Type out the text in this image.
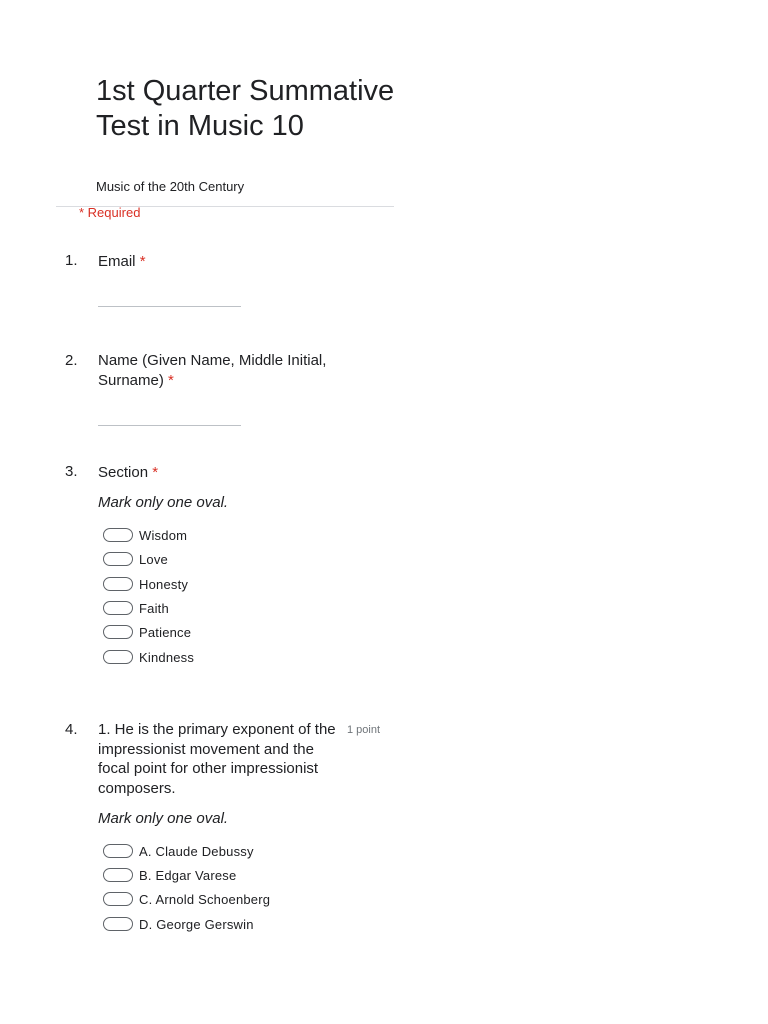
1st Quarter Summative Test in Music 10
Music of the 20th Century
* Required
1. Email *
2. Name (Given Name, Middle Initial, Surname) *
3. Section *
Mark only one oval.
Wisdom
Love
Honesty
Faith
Patience
Kindness
4. 1. He is the primary exponent of the impressionist movement and the focal point for other impressionist composers.
1 point
Mark only one oval.
A. Claude Debussy
B. Edgar Varese
C. Arnold Schoenberg
D. George Gerswin
